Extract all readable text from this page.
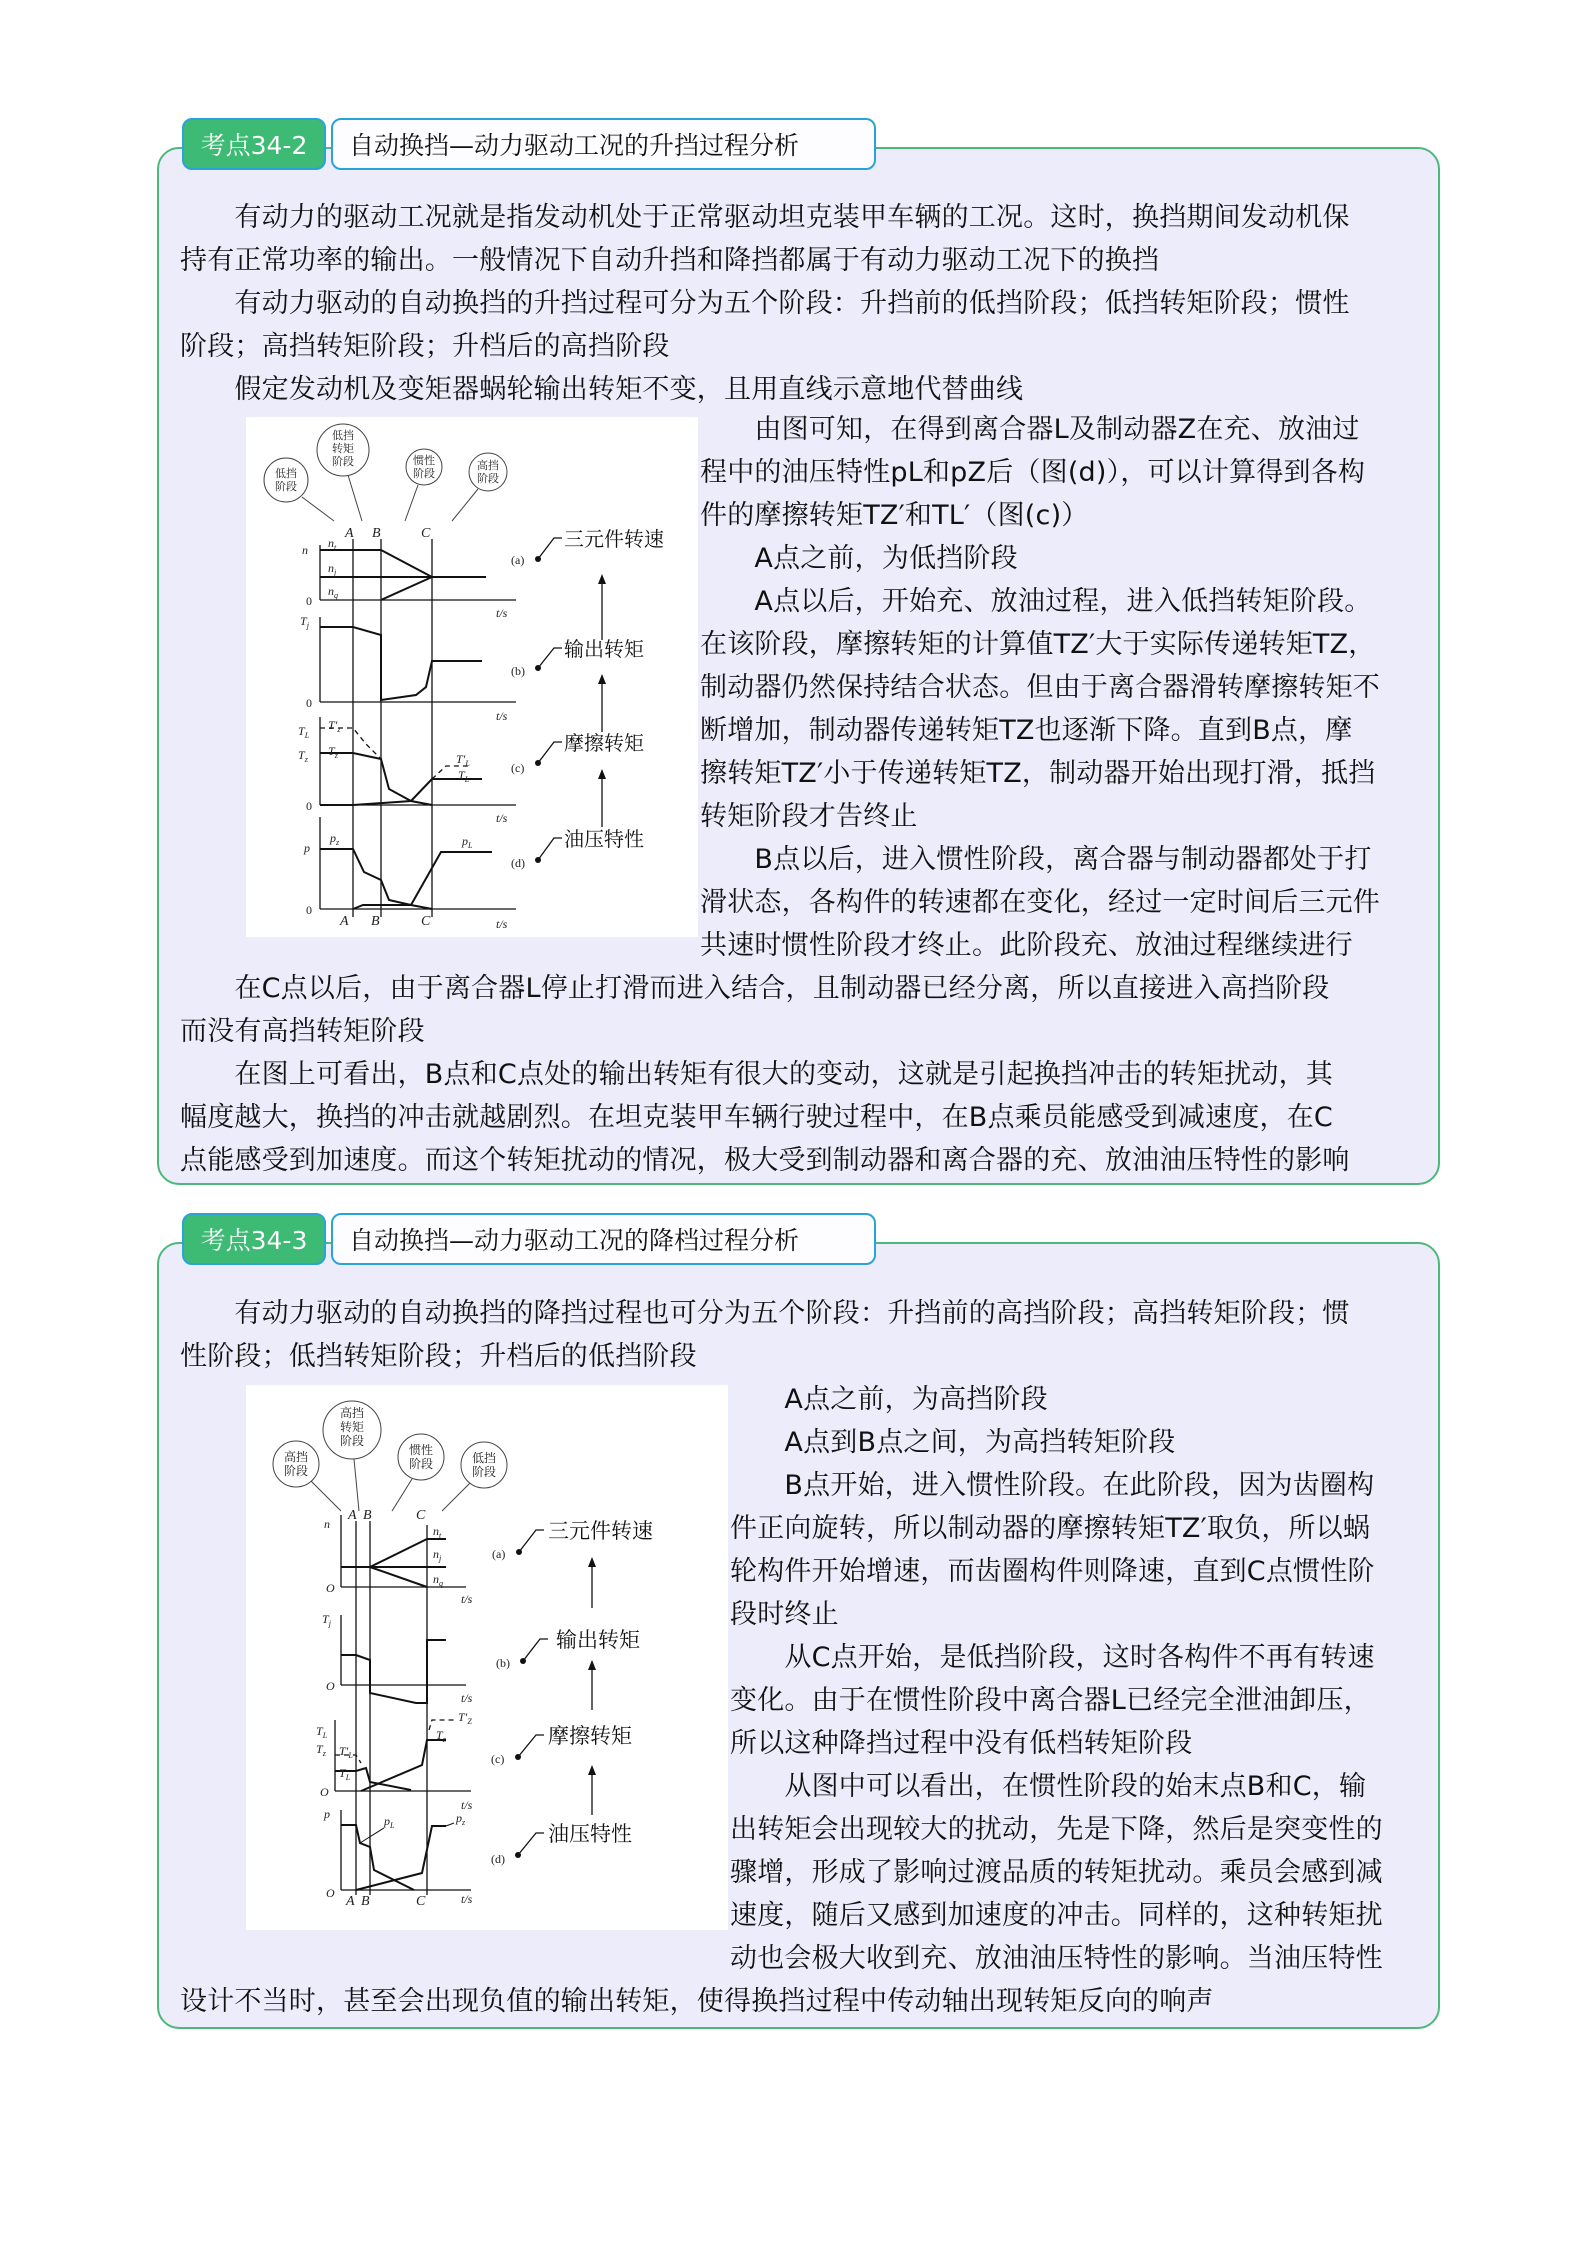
考点34-2	自动换挡—动力驱动工况的升挡过程分析
　　有动力的驱动工况就是指发动机处于正常驱动坦克装甲车辆的工况。这时，换挡期间发动机保
持有正常功率的输出。一般情况下自动升挡和降挡都属于有动力驱动工况下的换挡
　　有动力驱动的自动换挡的升挡过程可分为五个阶段：升挡前的低挡阶段；低挡转矩阶段；惯性
阶段；高挡转矩阶段；升档后的高挡阶段
　　假定发动机及变矩器蜗轮输出转矩不变，且用直线示意地代替曲线
低挡
阶段
低挡
转矩
阶段	惯性
阶段
高挡
阶段
A B	C
A B	C
n
0
$n_t$
$n_j$
$n_q$
t/s
$T_j$
0
t/s
$T_L$
$T_z$
$T'_z$
$T_z$	$T'_L$
$T_L$
0
t/s
p
$p_z$	$p_L$
0
t/s
(a)
(b)
(c)
(d)
三元件转速
输出转矩
摩擦转矩
油压特性
　　由图可知，在得到离合器L及制动器Z在充、放油过
程中的油压特性pL和pZ后（图(d)），可以计算得到各构
件的摩擦转矩TZ′和TL′（图(c)）
　　A点之前，为低挡阶段
　　A点以后，开始充、放油过程，进入低挡转矩阶段。
在该阶段，摩擦转矩的计算值TZ′大于实际传递转矩TZ，
制动器仍然保持结合状态。但由于离合器滑转摩擦转矩不
断增加，制动器传递转矩TZ也逐渐下降。直到B点，摩
擦转矩TZ′小于传递转矩TZ，制动器开始出现打滑，抵挡
转矩阶段才告终止
　　B点以后，进入惯性阶段，离合器与制动器都处于打
滑状态，各构件的转速都在变化，经过一定时间后三元件
共速时惯性阶段才终止。此阶段充、放油过程继续进行
　　在C点以后，由于离合器L停止打滑而进入结合，且制动器已经分离，所以直接进入高挡阶段
而没有高挡转矩阶段
　　在图上可看出，B点和C点处的输出转矩有很大的变动，这就是引起换挡冲击的转矩扰动，其
幅度越大，换挡的冲击就越剧烈。在坦克装甲车辆行驶过程中，在B点乘员能感受到减速度，在C
点能感受到加速度。而这个转矩扰动的情况，极大受到制动器和离合器的充、放油油压特性的影响
考点34-3	自动换挡—动力驱动工况的降档过程分析
　　有动力驱动的自动换挡的降挡过程也可分为五个阶段：升挡前的高挡阶段；高挡转矩阶段；惯
性阶段；低挡转矩阶段；升档后的低挡阶段
高挡
阶段
高挡
转矩
阶段
惯性
阶段	低挡
阶段
A B	C
A B	C
n
O
$n_t$
$n_j$
$n_q$
t/s
$T_j$
O
t/s
$T_L$
$T_z$ $T'_L$
$T_L$
$T_z$
$T'_Z$
O
t/s
p	$p_L$
$p_z$
O	t/s
(a)
(b)
(c)
(d)
三元件转速
输出转矩
摩擦转矩
油压特性
　　A点之前，为高挡阶段
　　A点到B点之间，为高挡转矩阶段
　　B点开始，进入惯性阶段。在此阶段，因为齿圈构
件正向旋转，所以制动器的摩擦转矩TZ′取负，所以蜗
轮构件开始增速，而齿圈构件则降速，直到C点惯性阶
段时终止
　　从C点开始，是低挡阶段，这时各构件不再有转速
变化。由于在惯性阶段中离合器L已经完全泄油卸压，
所以这种降挡过程中没有低档转矩阶段
　　从图中可以看出，在惯性阶段的始末点B和C，输
出转矩会出现较大的扰动，先是下降，然后是突变性的
骤增，形成了影响过渡品质的转矩扰动。乘员会感到减
速度，随后又感到加速度的冲击。同样的，这种转矩扰
动也会极大收到充、放油油压特性的影响。当油压特性
设计不当时，甚至会出现负值的输出转矩，使得换挡过程中传动轴出现转矩反向的响声
